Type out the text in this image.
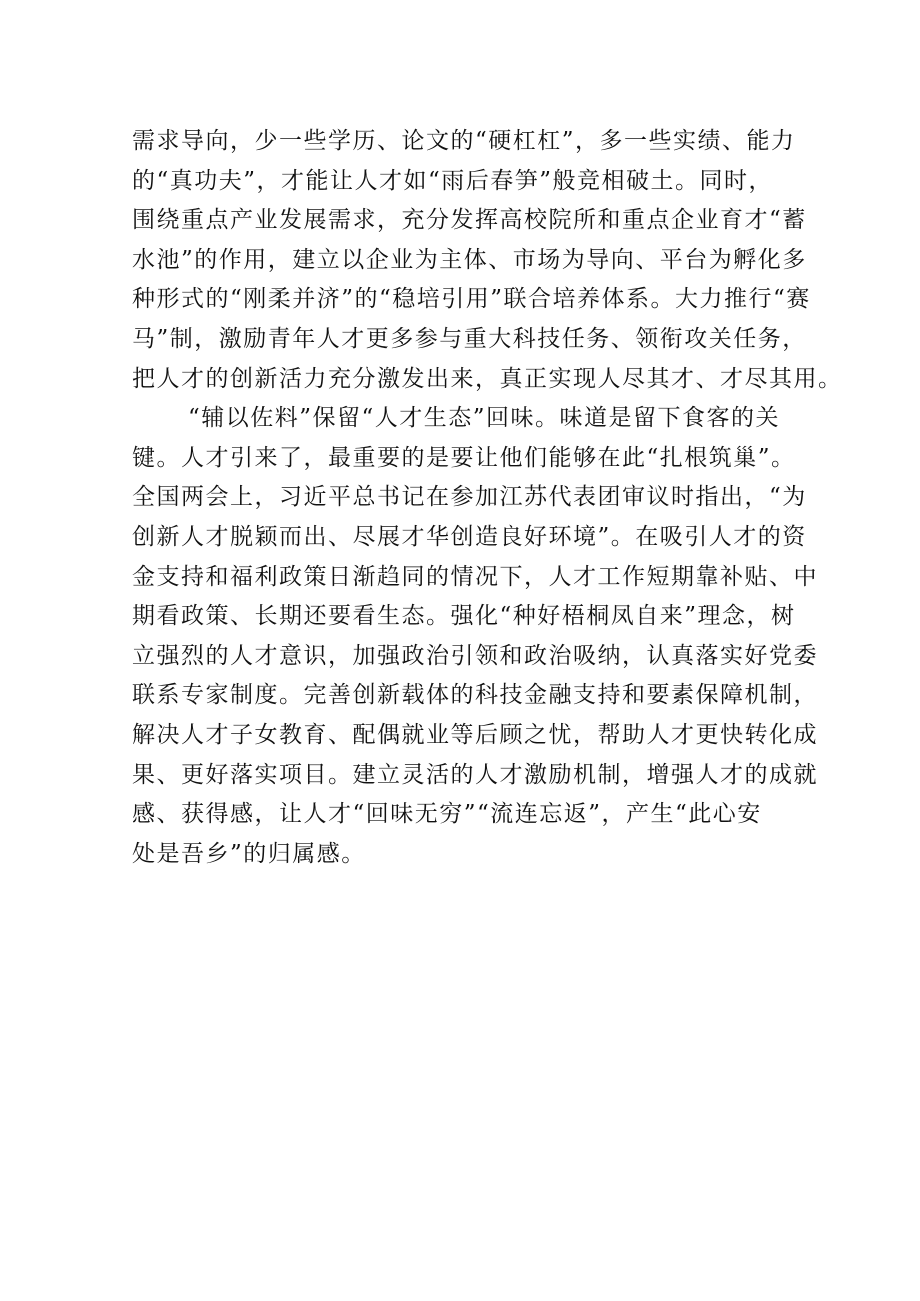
需求导向，少一些学历、论文的“硬杠杠”，多一些实绩、能力
的“真功夫”，才能让人才如“雨后春笋”般竞相破土。同时，
围绕重点产业发展需求，充分发挥高校院所和重点企业育才“蓄
水池”的作用，建立以企业为主体、市场为导向、平台为孵化多
种形式的“刚柔并济”的“稳培引用”联合培养体系。大力推行“赛
马”制，激励青年人才更多参与重大科技任务、领衔攻关任务，
把人才的创新活力充分激发出来，真正实现人尽其才、才尽其用。
“辅以佐料”保留“人才生态”回味。味道是留下食客的关
键。人才引来了，最重要的是要让他们能够在此“扎根筑巢”。
全国两会上，习近平总书记在参加江苏代表团审议时指出，“为
创新人才脱颖而出、尽展才华创造良好环境”。在吸引人才的资
金支持和福利政策日渐趋同的情况下，人才工作短期靠补贴、中
期看政策、长期还要看生态。强化“种好梧桐凤自来”理念，树
立强烈的人才意识，加强政治引领和政治吸纳，认真落实好党委
联系专家制度。完善创新载体的科技金融支持和要素保障机制，
解决人才子女教育、配偶就业等后顾之忧，帮助人才更快转化成
果、更好落实项目。建立灵活的人才激励机制，增强人才的成就
感、获得感，让人才“回味无穷”“流连忘返”，产生“此心安
处是吾乡”的归属感。
